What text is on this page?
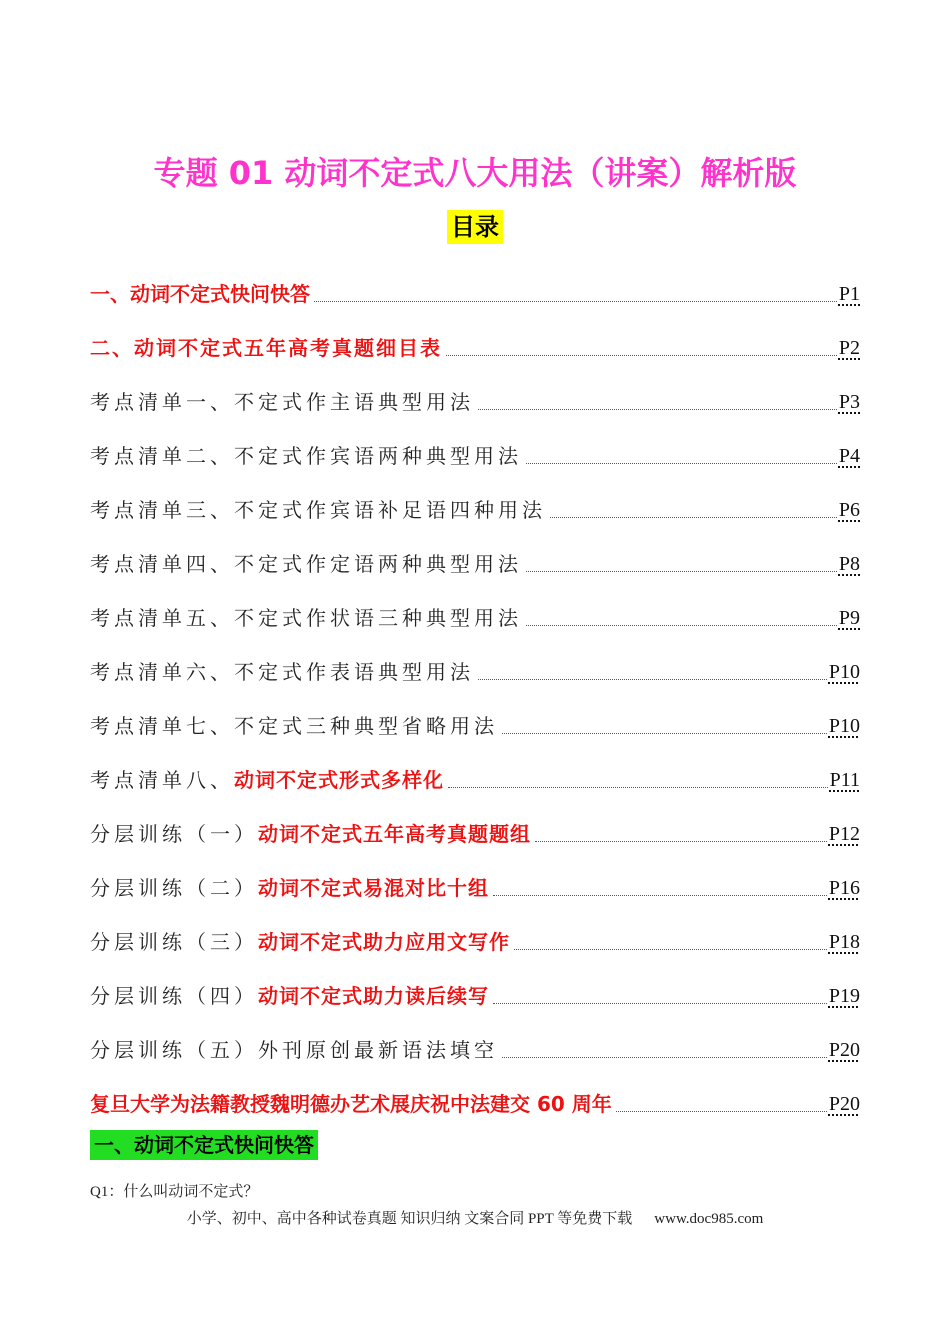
专题 01 动词不定式八大用法（讲案）解析版
目录
一、动词不定式快问快答	P1
二、动词不定式五年高考真题细目表	P2
考点清单一、不定式作主语典型用法	P3
考点清单二、不定式作宾语两种典型用法	P4
考点清单三、不定式作宾语补足语四种用法	P6
考点清单四、不定式作定语两种典型用法	P8
考点清单五、不定式作状语三种典型用法	P9
考点清单六、不定式作表语典型用法	P10
考点清单七、不定式三种典型省略用法	P10
考点清单八、动词不定式形式多样化	P11
分层训练（一）动词不定式五年高考真题题组	P12
分层训练（二）动词不定式易混对比十组	P16
分层训练（三）动词不定式助力应用文写作	P18
分层训练（四）动词不定式助力读后续写	P19
分层训练（五）外刊原创最新语法填空	P20
复旦大学为法籍教授魏明德办艺术展庆祝中法建交 60 周年	P20
一、动词不定式快问快答
Q1：什么叫动词不定式？
小学、初中、高中各种试卷真题 知识归纳 文案合同 PPT 等免费下载 www.doc985.com
